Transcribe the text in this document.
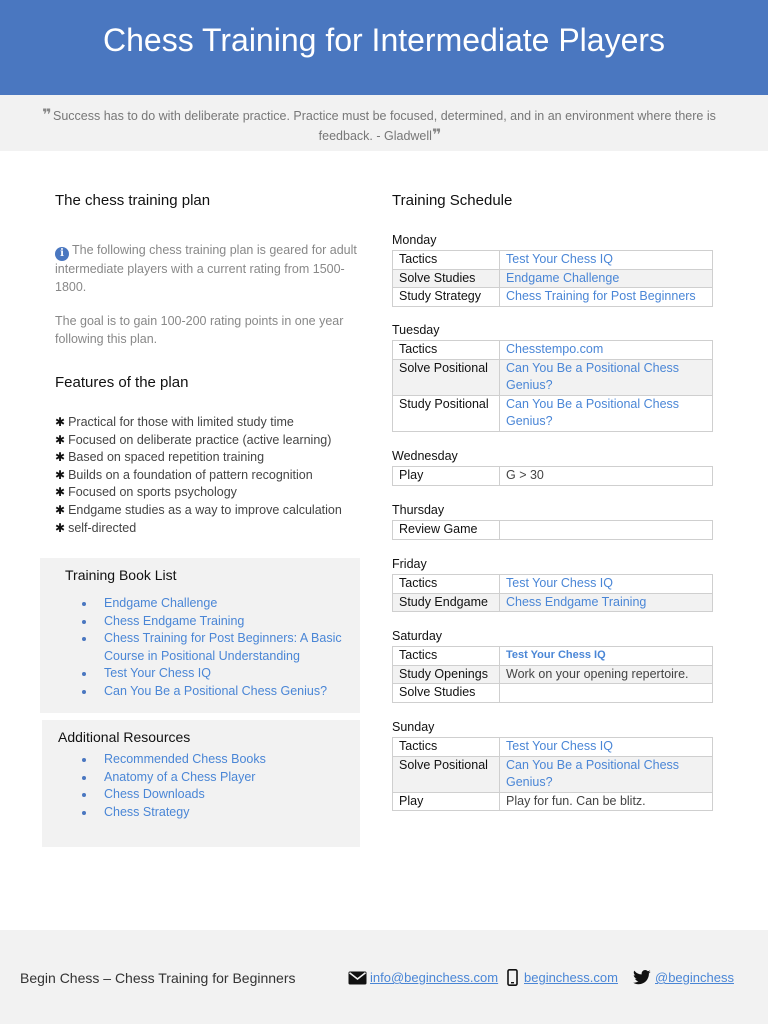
Chess Training for Intermediate Players

❞ Success has to do with deliberate practice. Practice must be focused, determined, and in an environment where there is feedback. - Gladwell❞

The chess training plan
i The following chess training plan is geared for adult intermediate players with a current rating from 1500-1800.
The goal is to gain 100-200 rating points in one year following this plan.
Features of the plan
✱ Practical for those with limited study time
✱ Focused on deliberate practice (active learning)
✱ Based on spaced repetition training
✱ Builds on a foundation of pattern recognition
✱ Focused on sports psychology
✱ Endgame studies as a way to improve calculation
✱ self-directed
Training Book List
Endgame Challenge
Chess Endgame Training
Chess Training for Post Beginners: A Basic Course in Positional Understanding
Test Your Chess IQ
Can You Be a Positional Chess Genius?
Additional Resources
Recommended Chess Books
Anatomy of a Chess Player
Chess Downloads
Chess Strategy
Training Schedule
Monday
Tactics	Test Your Chess IQ
Solve Studies	Endgame Challenge
Study Strategy	Chess Training for Post Beginners
Tuesday
Tactics	Chesstempo.com
Solve Positional	Can You Be a Positional Chess Genius?
Study Positional	Can You Be a Positional Chess Genius?
Wednesday
Play	G > 30
Thursday
Review Game	
Friday
Tactics	Test Your Chess IQ
Study Endgame	Chess Endgame Training
Saturday
Tactics	Test Your Chess IQ
Study Openings	Work on your opening repertoire.
Solve Studies	
Sunday
Tactics	Test Your Chess IQ
Solve Positional	Can You Be a Positional Chess Genius?
Play	Play for fun. Can be blitz.
Begin Chess – Chess Training for Beginners	info@beginchess.com beginchess.com	@beginchess
